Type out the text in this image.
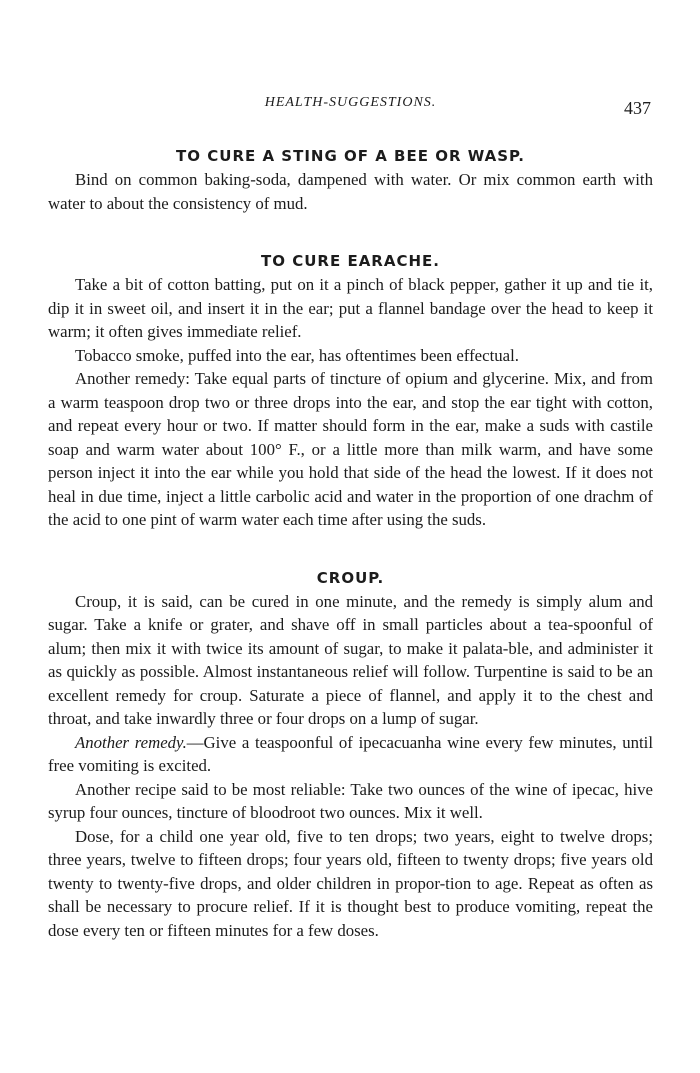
HEALTH-SUGGESTIONS.	437
TO CURE A STING OF A BEE OR WASP.

Bind on common baking-soda, dampened with water. Or mix common earth with water to about the consistency of mud.

TO CURE EARACHE.

Take a bit of cotton batting, put on it a pinch of black pepper, gather it up and tie it, dip it in sweet oil, and insert it in the ear; put a flannel bandage over the head to keep it warm; it often gives immediate relief.

Tobacco smoke, puffed into the ear, has oftentimes been effectual.

Another remedy: Take equal parts of tincture of opium and glycerine. Mix, and from a warm teaspoon drop two or three drops into the ear, and stop the ear tight with cotton, and repeat every hour or two. If matter should form in the ear, make a suds with castile soap and warm water about 100° F., or a little more than milk warm, and have some person inject it into the ear while you hold that side of the head the lowest. If it does not heal in due time, inject a little carbolic acid and water in the proportion of one drachm of the acid to one pint of warm water each time after using the suds.

CROUP.

Croup, it is said, can be cured in one minute, and the remedy is simply alum and sugar. Take a knife or grater, and shave off in small particles about a tea-spoonful of alum; then mix it with twice its amount of sugar, to make it palata-ble, and administer it as quickly as possible. Almost instantaneous relief will follow. Turpentine is said to be an excellent remedy for croup. Saturate a piece of flannel, and apply it to the chest and throat, and take inwardly three or four drops on a lump of sugar.

Another remedy.—Give a teaspoonful of ipecacuanha wine every few minutes, until free vomiting is excited.

Another recipe said to be most reliable: Take two ounces of the wine of ipecac, hive syrup four ounces, tincture of bloodroot two ounces. Mix it well.

Dose, for a child one year old, five to ten drops; two years, eight to twelve drops; three years, twelve to fifteen drops; four years old, fifteen to twenty drops; five years old twenty to twenty-five drops, and older children in propor-tion to age. Repeat as often as shall be necessary to procure relief. If it is thought best to produce vomiting, repeat the dose every ten or fifteen minutes for a few doses.
